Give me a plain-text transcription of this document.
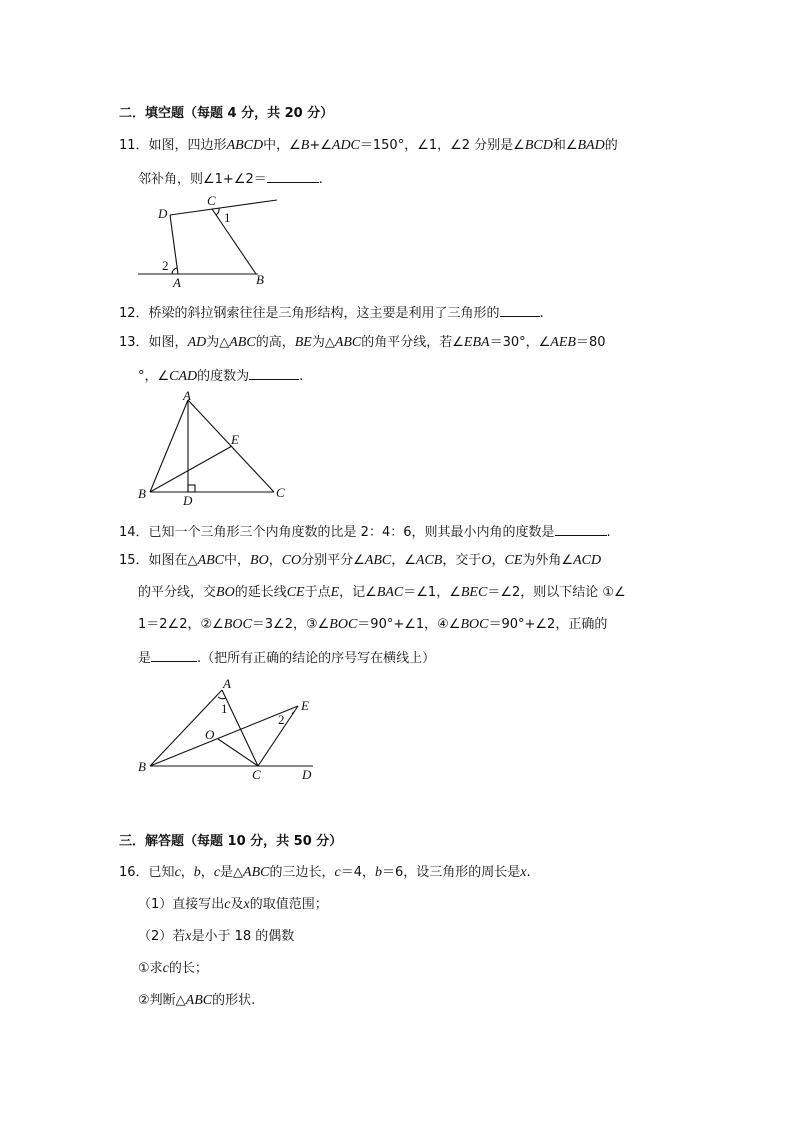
二．填空题（每题 4 分，共 20 分）
11．如图，四边形ABCD中，∠B+∠ADC＝150°，∠1，∠2 分别是∠BCD和∠BAD的
邻补角，则∠1+∠2＝	.
D
C
1
2
A	B
12．桥梁的斜拉钢索往往是三角形结构，这主要是利用了三角形的	.
13．如图，AD为△ABC的高，BE为△ABC的角平分线，若∠EBA＝30°，∠AEB＝80
°，∠CAD的度数为	.
A
E
B	D
C
14．已知一个三角形三个内角度数的比是 2：4：6，则其最小内角的度数是	.
15．如图在△ABC中，BO，CO分别平分∠ABC，∠ACB，交于O，CE为外角∠ACD
的平分线，交BO的延长线CE于点E，记∠BAC＝∠1，∠BEC＝∠2，则以下结论 ①∠
1＝2∠2，②∠BOC＝3∠2，③∠BOC＝90°+∠1，④∠BOC＝90°+∠2，正确的
是	.（把所有正确的结论的序号写在横线上）
A
1	E
2
O
B
C	D
三．解答题（每题 10 分，共 50 分）
16．已知c，b，c是△ABC的三边长，c＝4，b＝6，设三角形的周长是x.
（1）直接写出c及x的取值范围；
（2）若x是小于 18 的偶数
①求c的长；
②判断△ABC的形状.
